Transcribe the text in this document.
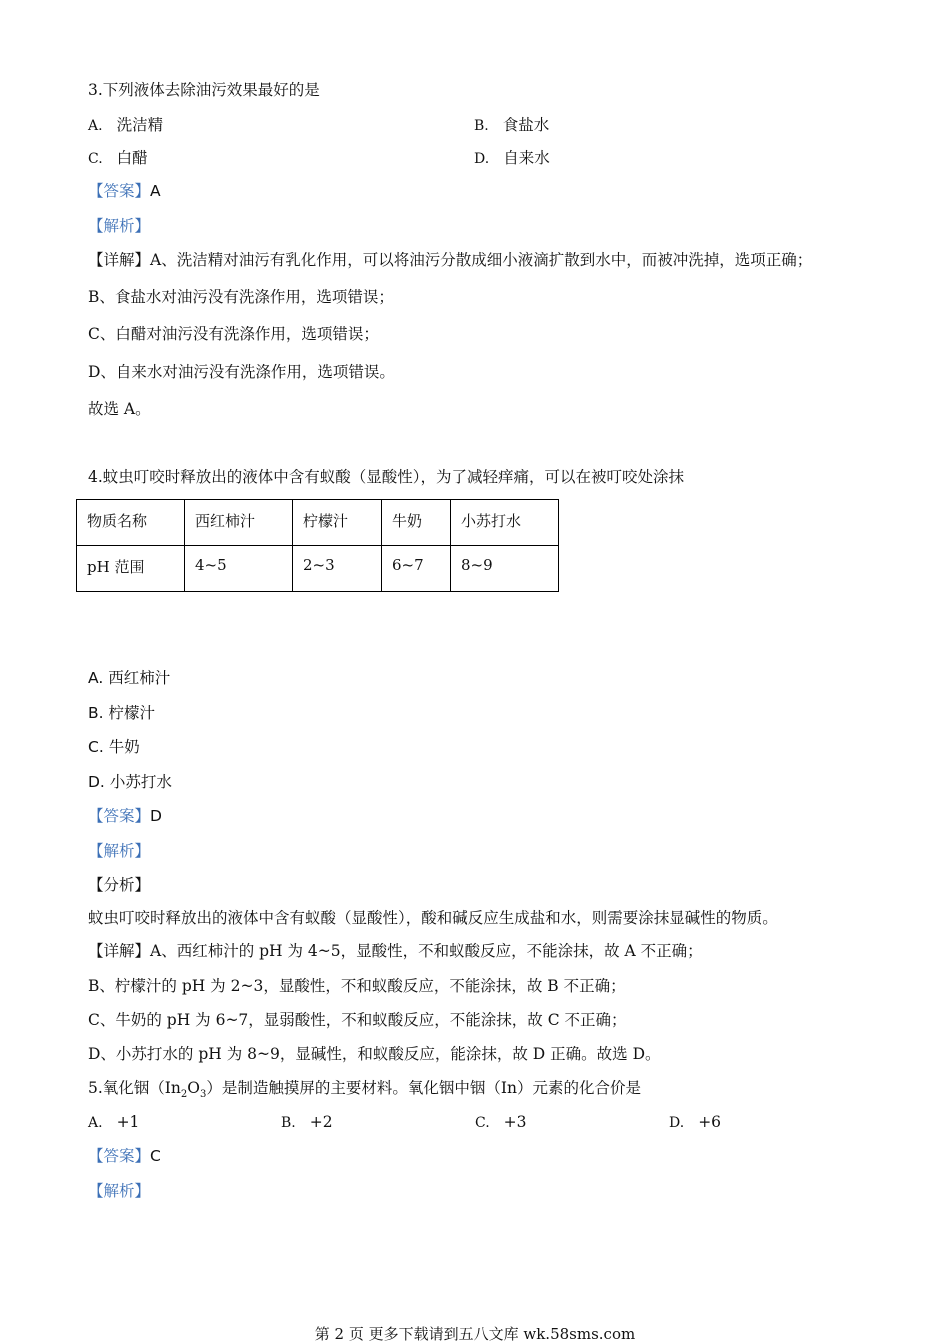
3.下列液体去除油污效果最好的是
A. 洗洁精	B. 食盐水
C. 白醋	D. 自来水
【答案】A
【解析】
【详解】A、洗洁精对油污有乳化作用，可以将油污分散成细小液滴扩散到水中，而被冲洗掉，选项正确；
B、食盐水对油污没有洗涤作用，选项错误；
C、白醋对油污没有洗涤作用，选项错误；
D、自来水对油污没有洗涤作用，选项错误。
故选 A。
4.蚊虫叮咬时释放出的液体中含有蚁酸（显酸性），为了减轻痒痛，可以在被叮咬处涂抹
物质名称	西红柿汁	柠檬汁	牛奶	小苏打水
pH 范围	4~5	2~3	6~7	8~9
A. 西红柿汁
B. 柠檬汁
C. 牛奶
D. 小苏打水
【答案】D
【解析】
【分析】
蚊虫叮咬时释放出的液体中含有蚁酸（显酸性），酸和碱反应生成盐和水，则需要涂抹显碱性的物质。
【详解】A、西红柿汁的 pH 为 4~5，显酸性，不和蚁酸反应，不能涂抹，故 A 不正确；
B、柠檬汁的 pH 为 2~3，显酸性，不和蚁酸反应，不能涂抹，故 B 不正确；
C、牛奶的 pH 为 6~7，显弱酸性，不和蚁酸反应，不能涂抹，故 C 不正确；
D、小苏打水的 pH 为 8~9，显碱性，和蚁酸反应，能涂抹，故 D 正确。故选 D。
5.氧化铟$(In_2O_3)$是制造触摸屏的主要材料。氧化铟中铟（In）元素的化合价是
A. +1	B. +2	C. +3	D. +6
【答案】C
【解析】
第 2 页 更多下载请到五八文库 wk.58sms.com
